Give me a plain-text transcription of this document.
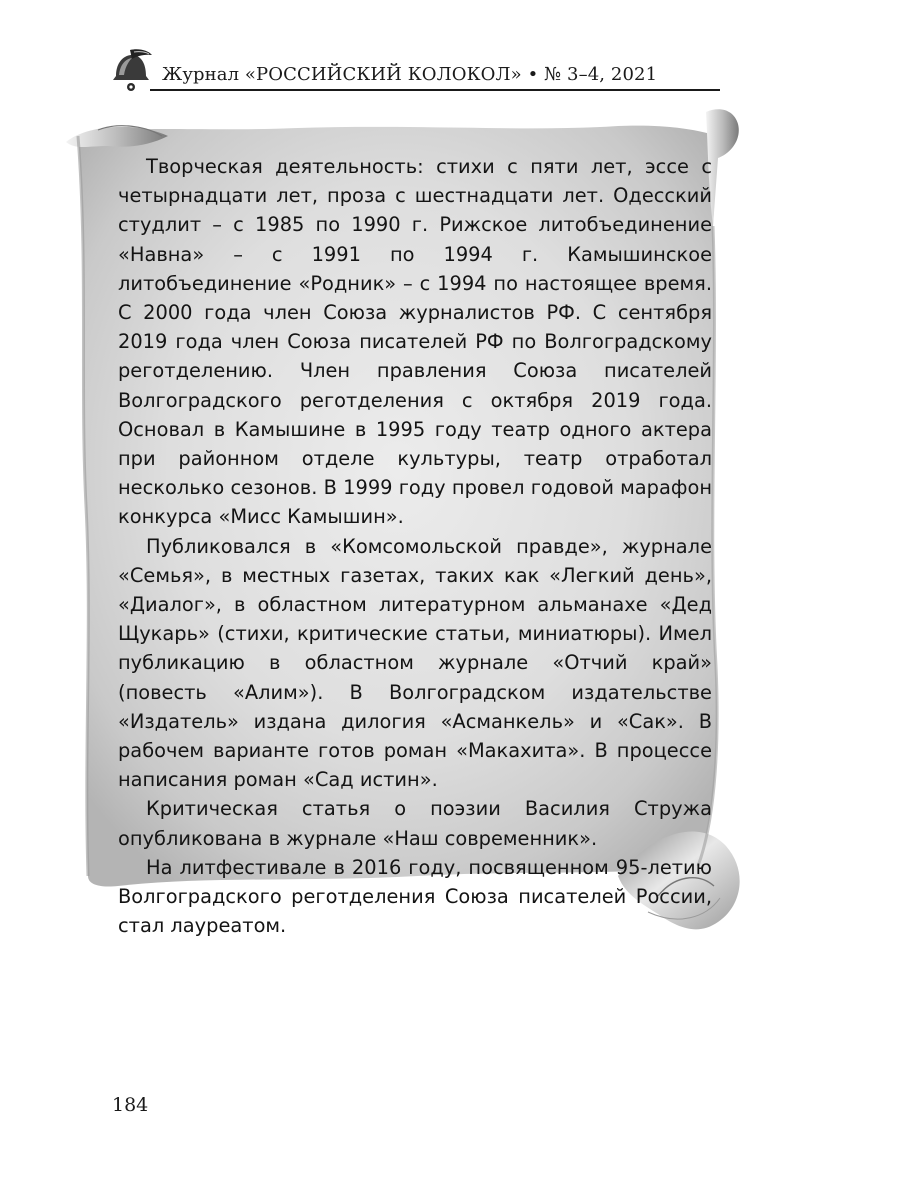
Журнал «РОССИЙСКИЙ КОЛОКОЛ» • № 3–4, 2021

Творческая деятельность: стихи с пяти лет, эссе с четырнадцати лет, проза с шестнадцати лет. Одесский студлит – с 1985 по 1990 г. Рижское литобъединение «Навна» – с 1991 по 1994 г. Камышинское литобъединение «Родник» – с 1994 по настоящее время. С 2000 года член Союза журналистов РФ. С сентября 2019 года член Союза писателей РФ по Волгоградскому реготделению. Член правления Союза писателей Волгоградского реготделения с октября 2019 года. Основал в Камышине в 1995 году театр одного актера при районном отделе культуры, театр отработал несколько сезонов. В 1999 году провел годовой марафон конкурса «Мисс Камышин».

Публиковался в «Комсомольской правде», журнале «Семья», в местных газетах, таких как «Легкий день», «Диалог», в областном литературном альманахе «Дед Щукарь» (стихи, критические статьи, миниатюры). Имел публикацию в областном журнале «Отчий край» (повесть «Алим»). В Волгоградском издательстве «Издатель» издана дилогия «Асманкель» и «Сак». В рабочем варианте готов роман «Макахита». В процессе написания роман «Сад истин».

Критическая статья о поэзии Василия Стружа опубликована в журнале «Наш современник».

На литфестивале в 2016 году, посвященном 95-летию Волгоградского реготделения Союза писателей России, стал лауреатом.

184
